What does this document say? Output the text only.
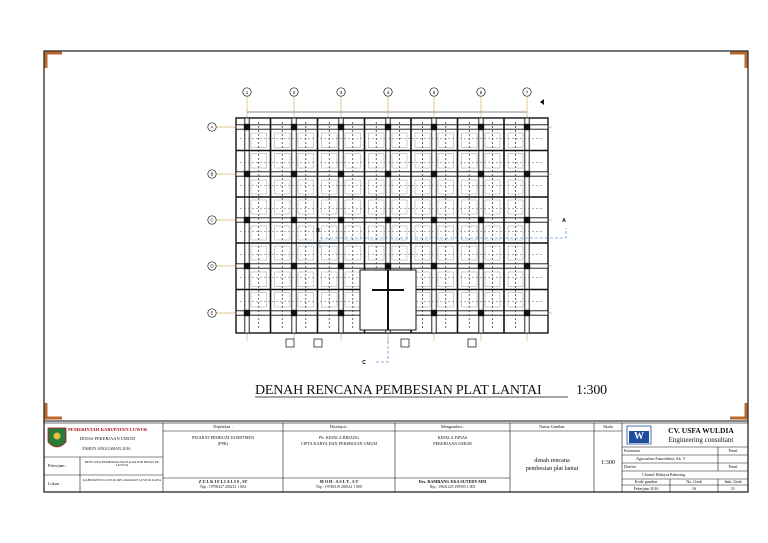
1	2	3	4	5	6	7
A
B
C
D
E
A
B
C
DENAH RENCANA PEMBESIAN PLAT LANTAI 1:300
PEMERINTAH KABUPATEN LUWUK
DINAS PEKERJAAN UMUM
TAHUN ANGGARAN 2016
Pekerjaan :
RENCANA PEMBANGUNAN KANTOR DINAS PU LUWUK
Lokasi :
KABUPATEN LUWUK KECAMATAN LUWUK KOTA
Diperiksa :
PEJABAT PEMBUAT KOMITMEN
(PPK)
Z U L K I F L I A L I S , ST
Nip : 19790327 200212 1 004
Disetujui :
Plt. KEPALA BIDANG
CIPTA KARYA DAN PEKERJAAN UMUM
M O H - A S L Y , S T
Nip : 19740319 200312 1 008
Mengetahui :
KEPALA DINAS
PEKERJAAN UMUM
Drs. RAMBANG EKA SUTEDY MM
Nip : 19641225 199503 1 003
Nama Gambar
denah rencana
pembesian plat lantai
Skala
1:300
W
CV. USFA WULDIA
Engineering consultant
Estimator	Paraf
Agussalim Amroddani, Ak. T
Drafter	Paraf
Chairul Hidayat Bakering
Kode gambar	No. Gmb	Jmh. Gmb
Pekerjaan 2016	16	31
